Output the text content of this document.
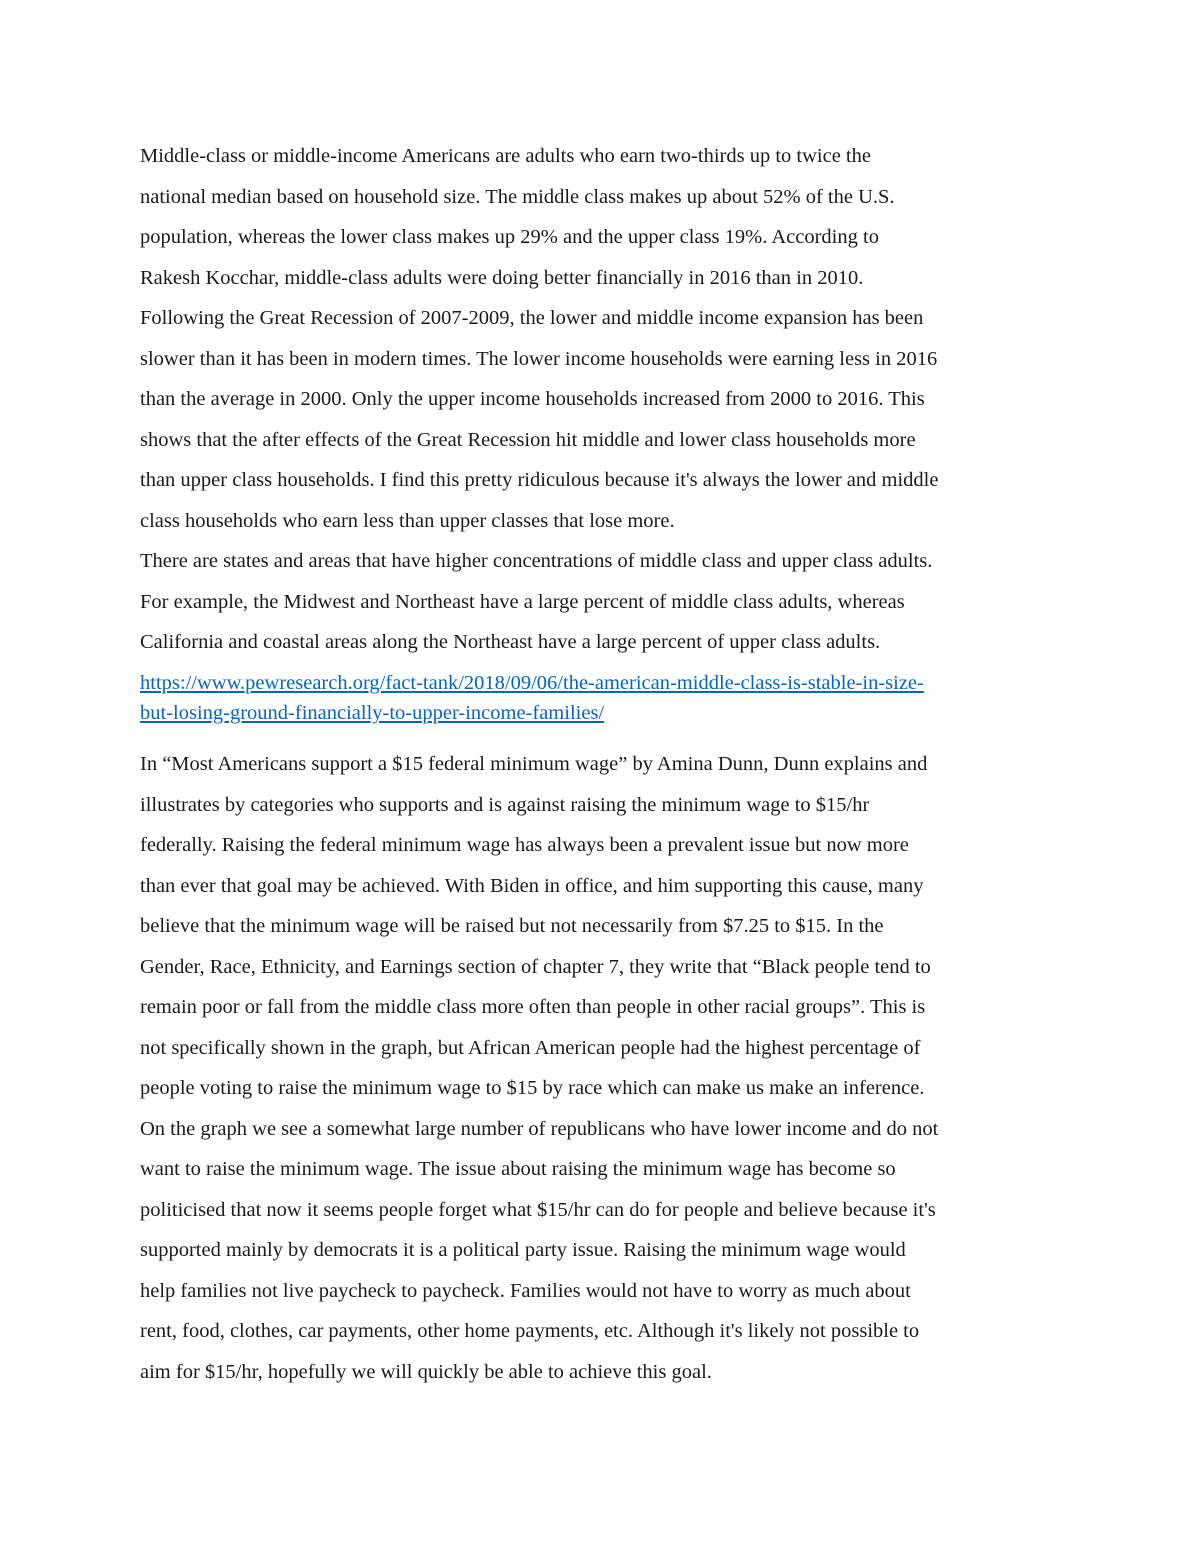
Middle-class or middle-income Americans are adults who earn two-thirds up to twice the
national median based on household size. The middle class makes up about 52% of the U.S.
population, whereas the lower class makes up 29% and the upper class 19%. According to
Rakesh Kocchar, middle-class adults were doing better financially in 2016 than in 2010.
Following the Great Recession of 2007-2009, the lower and middle income expansion has been
slower than it has been in modern times. The lower income households were earning less in 2016
than the average in 2000. Only the upper income households increased from 2000 to 2016. This
shows that the after effects of the Great Recession hit middle and lower class households more
than upper class households. I find this pretty ridiculous because it's always the lower and middle
class households who earn less than upper classes that lose more.
There are states and areas that have higher concentrations of middle class and upper class adults.
For example, the Midwest and Northeast have a large percent of middle class adults, whereas
California and coastal areas along the Northeast have a large percent of upper class adults.
https://www.pewresearch.org/fact-tank/2018/09/06/the-american-middle-class-is-stable-in-size-
but-losing-ground-financially-to-upper-income-families/
In “Most Americans support a $15 federal minimum wage” by Amina Dunn, Dunn explains and
illustrates by categories who supports and is against raising the minimum wage to $15/hr
federally. Raising the federal minimum wage has always been a prevalent issue but now more
than ever that goal may be achieved. With Biden in office, and him supporting this cause, many
believe that the minimum wage will be raised but not necessarily from $7.25 to $15. In the
Gender, Race, Ethnicity, and Earnings section of chapter 7, they write that “Black people tend to
remain poor or fall from the middle class more often than people in other racial groups”. This is
not specifically shown in the graph, but African American people had the highest percentage of
people voting to raise the minimum wage to $15 by race which can make us make an inference.
On the graph we see a somewhat large number of republicans who have lower income and do not
want to raise the minimum wage. The issue about raising the minimum wage has become so
politicised that now it seems people forget what $15/hr can do for people and believe because it's
supported mainly by democrats it is a political party issue. Raising the minimum wage would
help families not live paycheck to paycheck. Families would not have to worry as much about
rent, food, clothes, car payments, other home payments, etc. Although it's likely not possible to
aim for $15/hr, hopefully we will quickly be able to achieve this goal.
